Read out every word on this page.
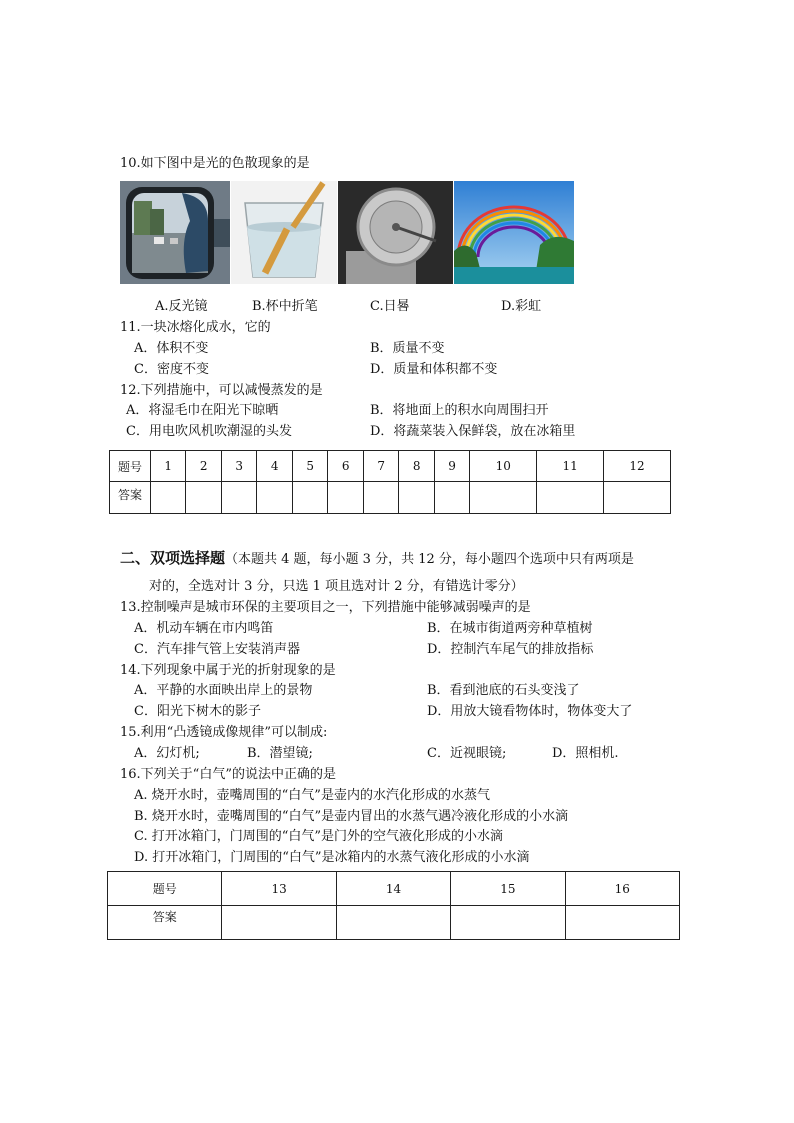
10.如下图中是光的色散现象的是
A.反光镜	B.杯中折笔	C.日晷	D.彩虹
11.一块冰熔化成水，它的
A．体积不变	B．质量不变
C．密度不变	D．质量和体积都不变
12.下列措施中，可以减慢蒸发的是
A．将湿毛巾在阳光下晾晒	B．将地面上的积水向周围扫开
C．用电吹风机吹潮湿的头发	D．将蔬菜装入保鲜袋，放在冰箱里
题号	1	2	3	4	5	6	7	8	9	10	11	12
答案												
二、双项选择题（本题共 4 题，每小题 3 分，共 12 分，每小题四个选项中只有两项是
对的，全选对计 3 分，只选 1 项且选对计 2 分，有错选计零分）
13.控制噪声是城市环保的主要项目之一，下列措施中能够减弱噪声的是
A．机动车辆在市内鸣笛	B．在城市街道两旁种草植树
C．汽车排气管上安装消声器	D．控制汽车尾气的排放指标
14.下列现象中属于光的折射现象的是
A．平静的水面映出岸上的景物	B．看到池底的石头变浅了
C．阳光下树木的影子	D．用放大镜看物体时，物体变大了
15.利用“凸透镜成像规律”可以制成:
A．幻灯机;	B．潜望镜;	C．近视眼镜;	D．照相机.
16.下列关于“白气”的说法中正确的是
A. 烧开水时，壶嘴周围的“白气”是壶内的水汽化形成的水蒸气
B. 烧开水时，壶嘴周围的“白气”是壶内冒出的水蒸气遇冷液化形成的小水滴
C. 打开冰箱门，门周围的“白气”是门外的空气液化形成的小水滴
D. 打开冰箱门，门周围的“白气”是冰箱内的水蒸气液化形成的小水滴
题号	13	14	15	16
答案				
